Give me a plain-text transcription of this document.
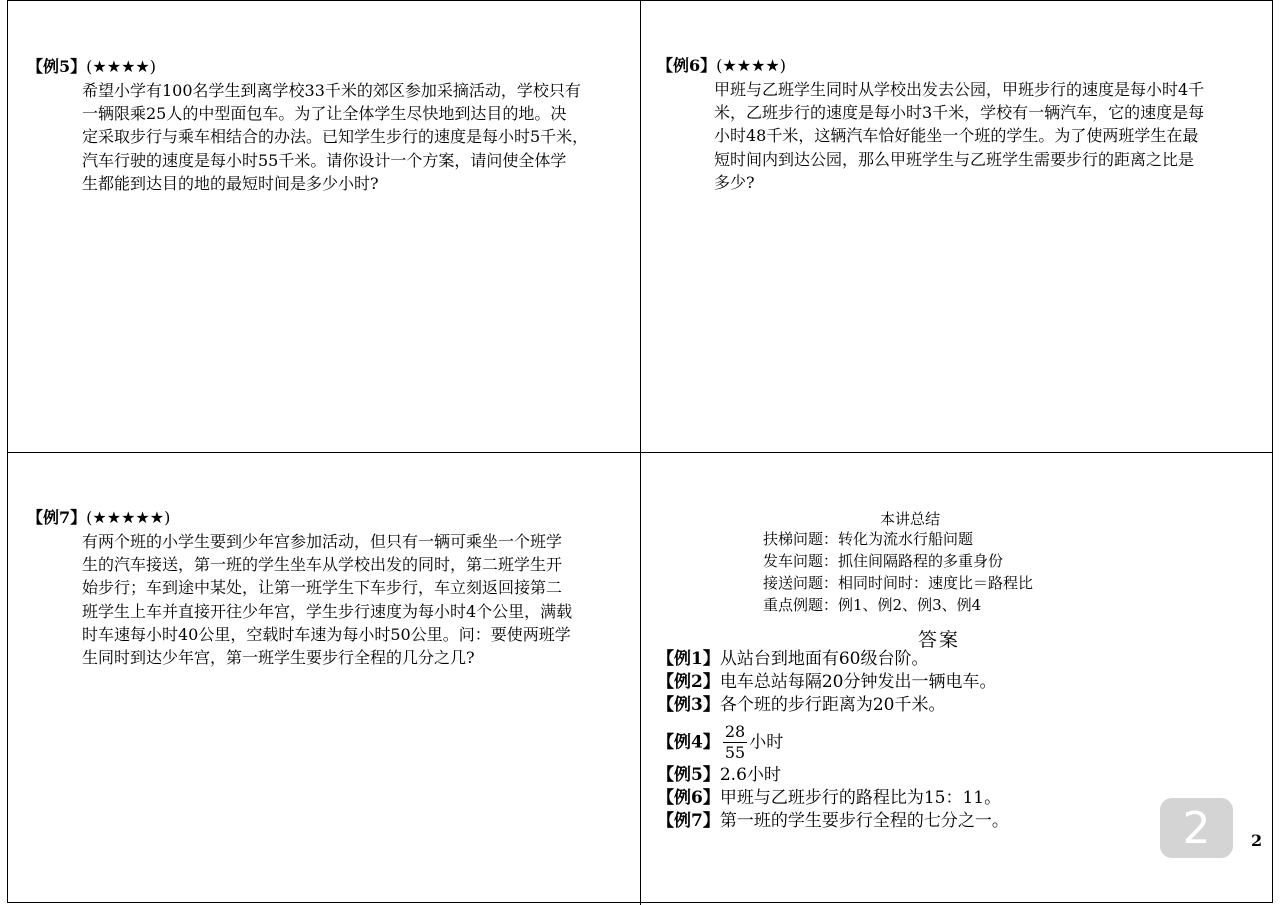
【例5】(★★★★)
希望小学有100名学生到离学校33千米的郊区参加采摘活动，学校只有
一辆限乘25人的中型面包车。为了让全体学生尽快地到达目的地。决
定采取步行与乘车相结合的办法。已知学生步行的速度是每小时5千米，
汽车行驶的速度是每小时55千米。请你设计一个方案，请问使全体学
生都能到达目的地的最短时间是多少小时?
【例6】(★★★★)
甲班与乙班学生同时从学校出发去公园，甲班步行的速度是每小时4千
米，乙班步行的速度是每小时3千米，学校有一辆汽车，它的速度是每
小时48千米，这辆汽车恰好能坐一个班的学生。为了使两班学生在最
短时间内到达公园，那么甲班学生与乙班学生需要步行的距离之比是
多少?
【例7】(★★★★★)
有两个班的小学生要到少年宫参加活动，但只有一辆可乘坐一个班学
生的汽车接送，第一班的学生坐车从学校出发的同时，第二班学生开
始步行；车到途中某处，让第一班学生下车步行，车立刻返回接第二
班学生上车并直接开往少年宫，学生步行速度为每小时4个公里，满载
时车速每小时40公里，空载时车速为每小时50公里。问：要使两班学
生同时到达少年宫，第一班学生要步行全程的几分之几?
本讲总结
扶梯问题：转化为流水行船问题
发车问题：抓住间隔路程的多重身份
接送问题：相同时间时：速度比＝路程比
重点例题：例1、例2、例3、例4
答案
【例1】从站台到地面有60级台阶。
【例2】电车总站每隔20分钟发出一辆电车。
【例3】各个班的步行距离为20千米。
【例4】 $\frac{28}{55}$ 小时
【例5】2.6小时
【例6】甲班与乙班步行的路程比为15：11。
【例7】第一班的学生要步行全程的七分之一。	2	2
